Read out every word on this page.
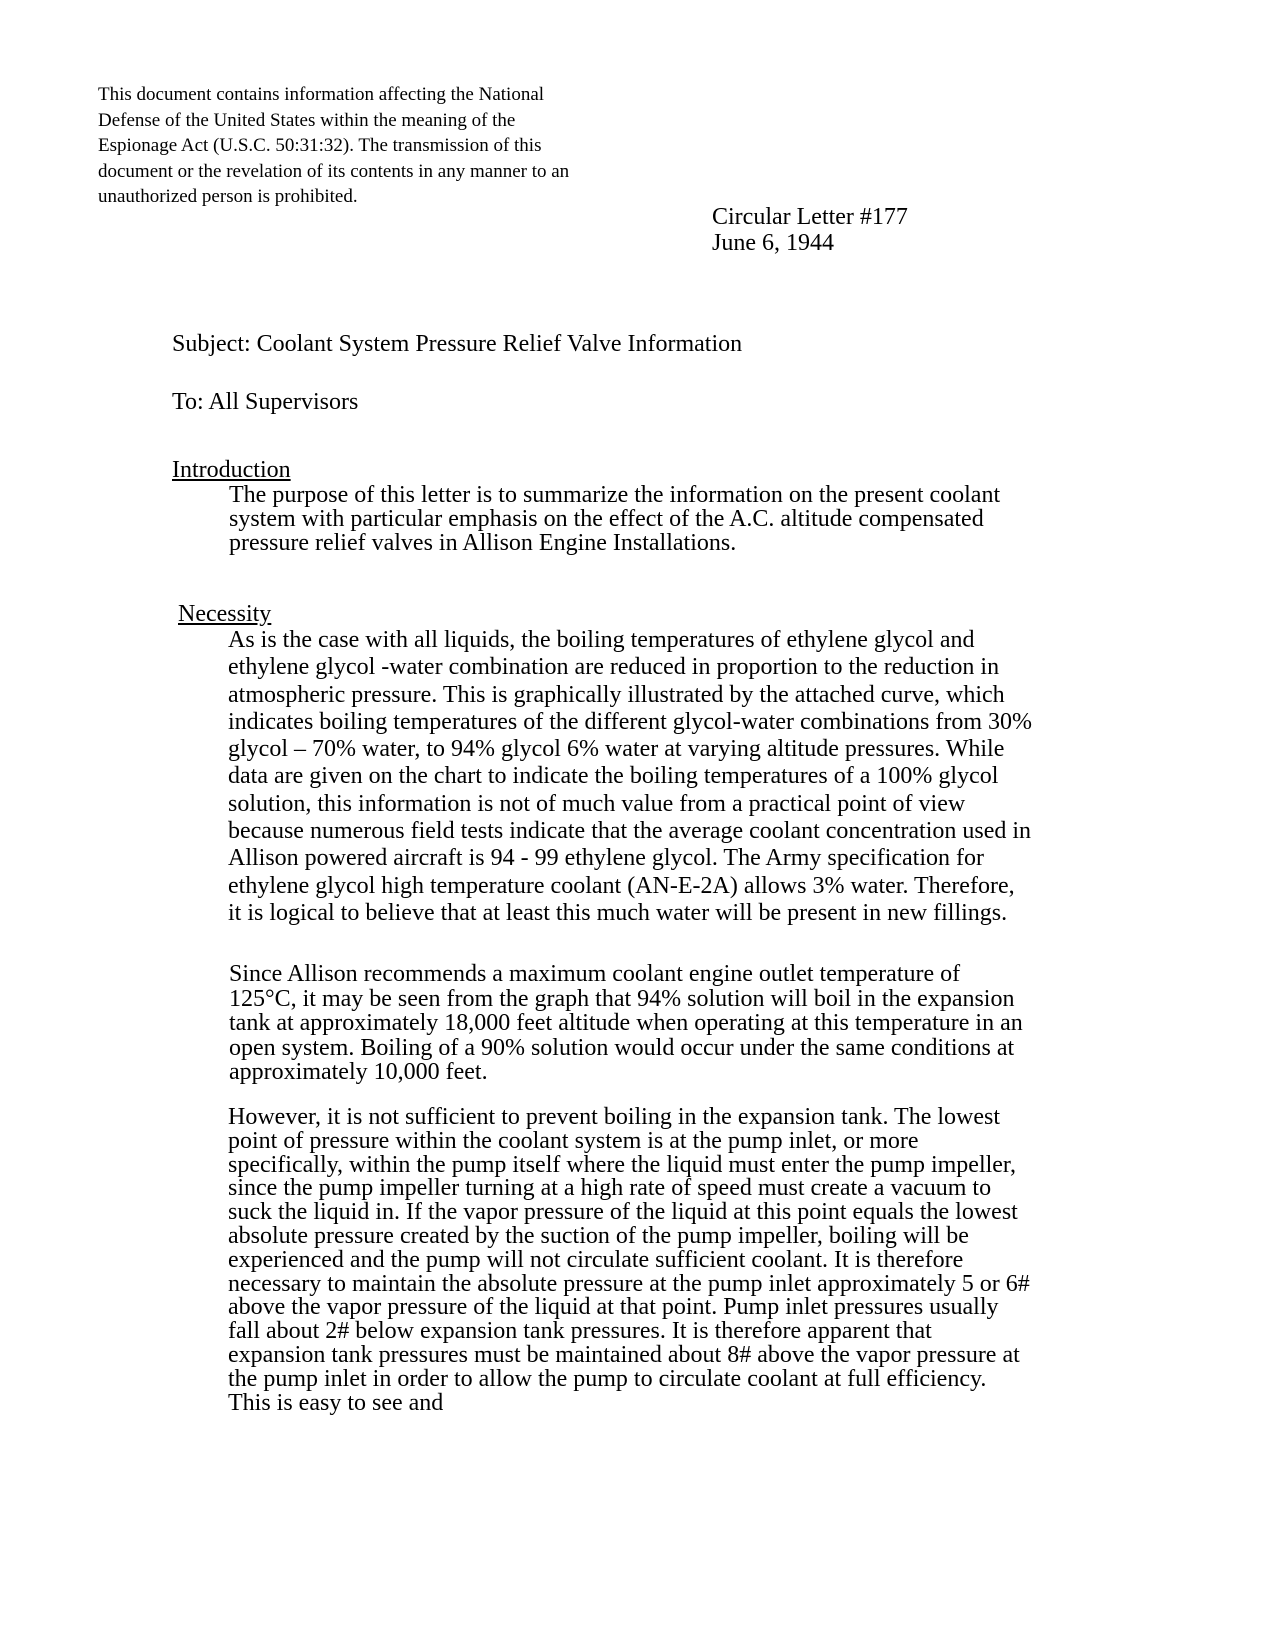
This document contains information affecting the National
Defense of the United States within the meaning of the
Espionage Act (U.S.C. 50:31:32). The transmission of this
document or the revelation of its contents in any manner to an
unauthorized person is prohibited.
Circular Letter #177
June 6, 1944
Subject: Coolant System Pressure Relief Valve Information
To: All Supervisors
Introduction
The purpose of this letter is to summarize the information on the present coolant
system with particular emphasis on the effect of the A.C. altitude compensated
pressure relief valves in Allison Engine Installations.
Necessity
As is the case with all liquids, the boiling temperatures of ethylene glycol and
ethylene glycol -water combination are reduced in proportion to the reduction in
atmospheric pressure. This is graphically illustrated by the attached curve, which
indicates boiling temperatures of the different glycol-water combinations from 30%
glycol – 70% water, to 94% glycol 6% water at varying altitude pressures. While
data are given on the chart to indicate the boiling temperatures of a 100% glycol
solution, this information is not of much value from a practical point of view
because numerous field tests indicate that the average coolant concentration used in
Allison powered aircraft is 94 - 99 ethylene glycol. The Army specification for
ethylene glycol high temperature coolant (AN-E-2A) allows 3% water. Therefore,
it is logical to believe that at least this much water will be present in new fillings.
Since Allison recommends a maximum coolant engine outlet temperature of
125°C, it may be seen from the graph that 94% solution will boil in the expansion
tank at approximately 18,000 feet altitude when operating at this temperature in an
open system. Boiling of a 90% solution would occur under the same conditions at
approximately 10,000 feet.
However, it is not sufficient to prevent boiling in the expansion tank. The lowest
point of pressure within the coolant system is at the pump inlet, or more
specifically, within the pump itself where the liquid must enter the pump impeller,
since the pump impeller turning at a high rate of speed must create a vacuum to
suck the liquid in. If the vapor pressure of the liquid at this point equals the lowest
absolute pressure created by the suction of the pump impeller, boiling will be
experienced and the pump will not circulate sufficient coolant. It is therefore
necessary to maintain the absolute pressure at the pump inlet approximately 5 or 6#
above the vapor pressure of the liquid at that point. Pump inlet pressures usually
fall about 2# below expansion tank pressures. It is therefore apparent that
expansion tank pressures must be maintained about 8# above the vapor pressure at
the pump inlet in order to allow the pump to circulate coolant at full efficiency.
This is easy to see and
